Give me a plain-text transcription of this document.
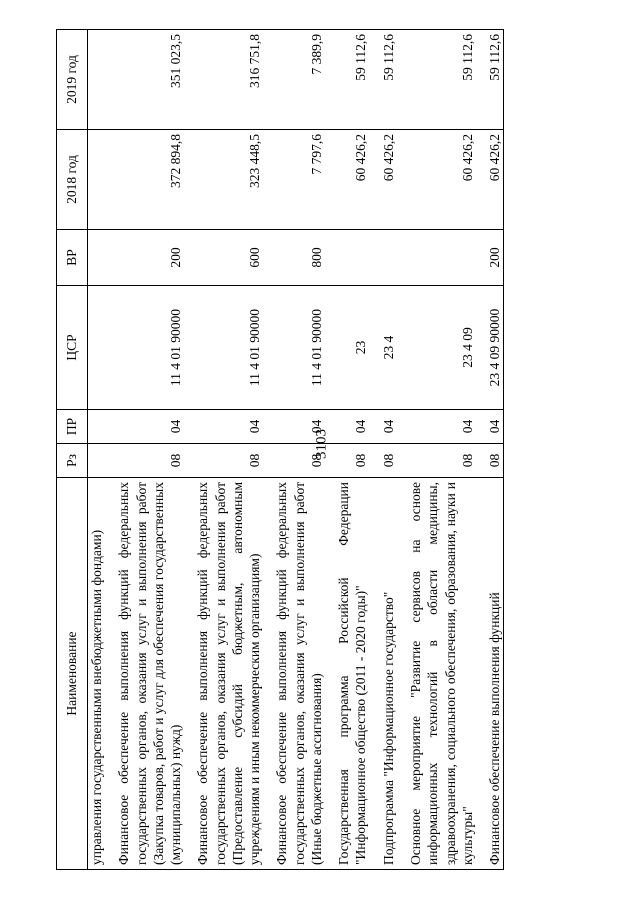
3103
Наименование	Рз	ПР	ЦСР	ВР	2018 год	2019 год
управления государственными внебюджетными фондами)						
Финансовое обеспечение выполнения функций федеральных государственных органов, оказания услуг и выполнения работ (Закупка товаров, работ и услуг для обеспечения государственных (муниципальных) нужд)	08	04	11 4 01 90000	200	372 894,8	351 023,5
Финансовое обеспечение выполнения функций федеральных государственных органов, оказания услуг и выполнения работ (Предоставление субсидий бюджетным, автономным учреждениям и иным некоммерческим организациям)	08	04	11 4 01 90000	600	323 448,5	316 751,8
Финансовое обеспечение выполнения функций федеральных государственных органов, оказания услуг и выполнения работ (Иные бюджетные ассигнования)	08	04	11 4 01 90000	800	7 797,6	7 389,9
Государственная программа Российской Федерации "Информационное общество (2011 - 2020 годы)"	08	04	23		60 426,2	59 112,6
Подпрограмма "Информационное государство"	08	04	23 4		60 426,2	59 112,6
Основное мероприятие "Развитие сервисов на основе информационных технологий в области медицины, здравоохранения, социального обеспечения, образования, науки и культуры"	08	04	23 4 09		60 426,2	59 112,6
Финансовое обеспечение выполнения функций	08	04	23 4 09 90000	200	60 426,2	59 112,6
